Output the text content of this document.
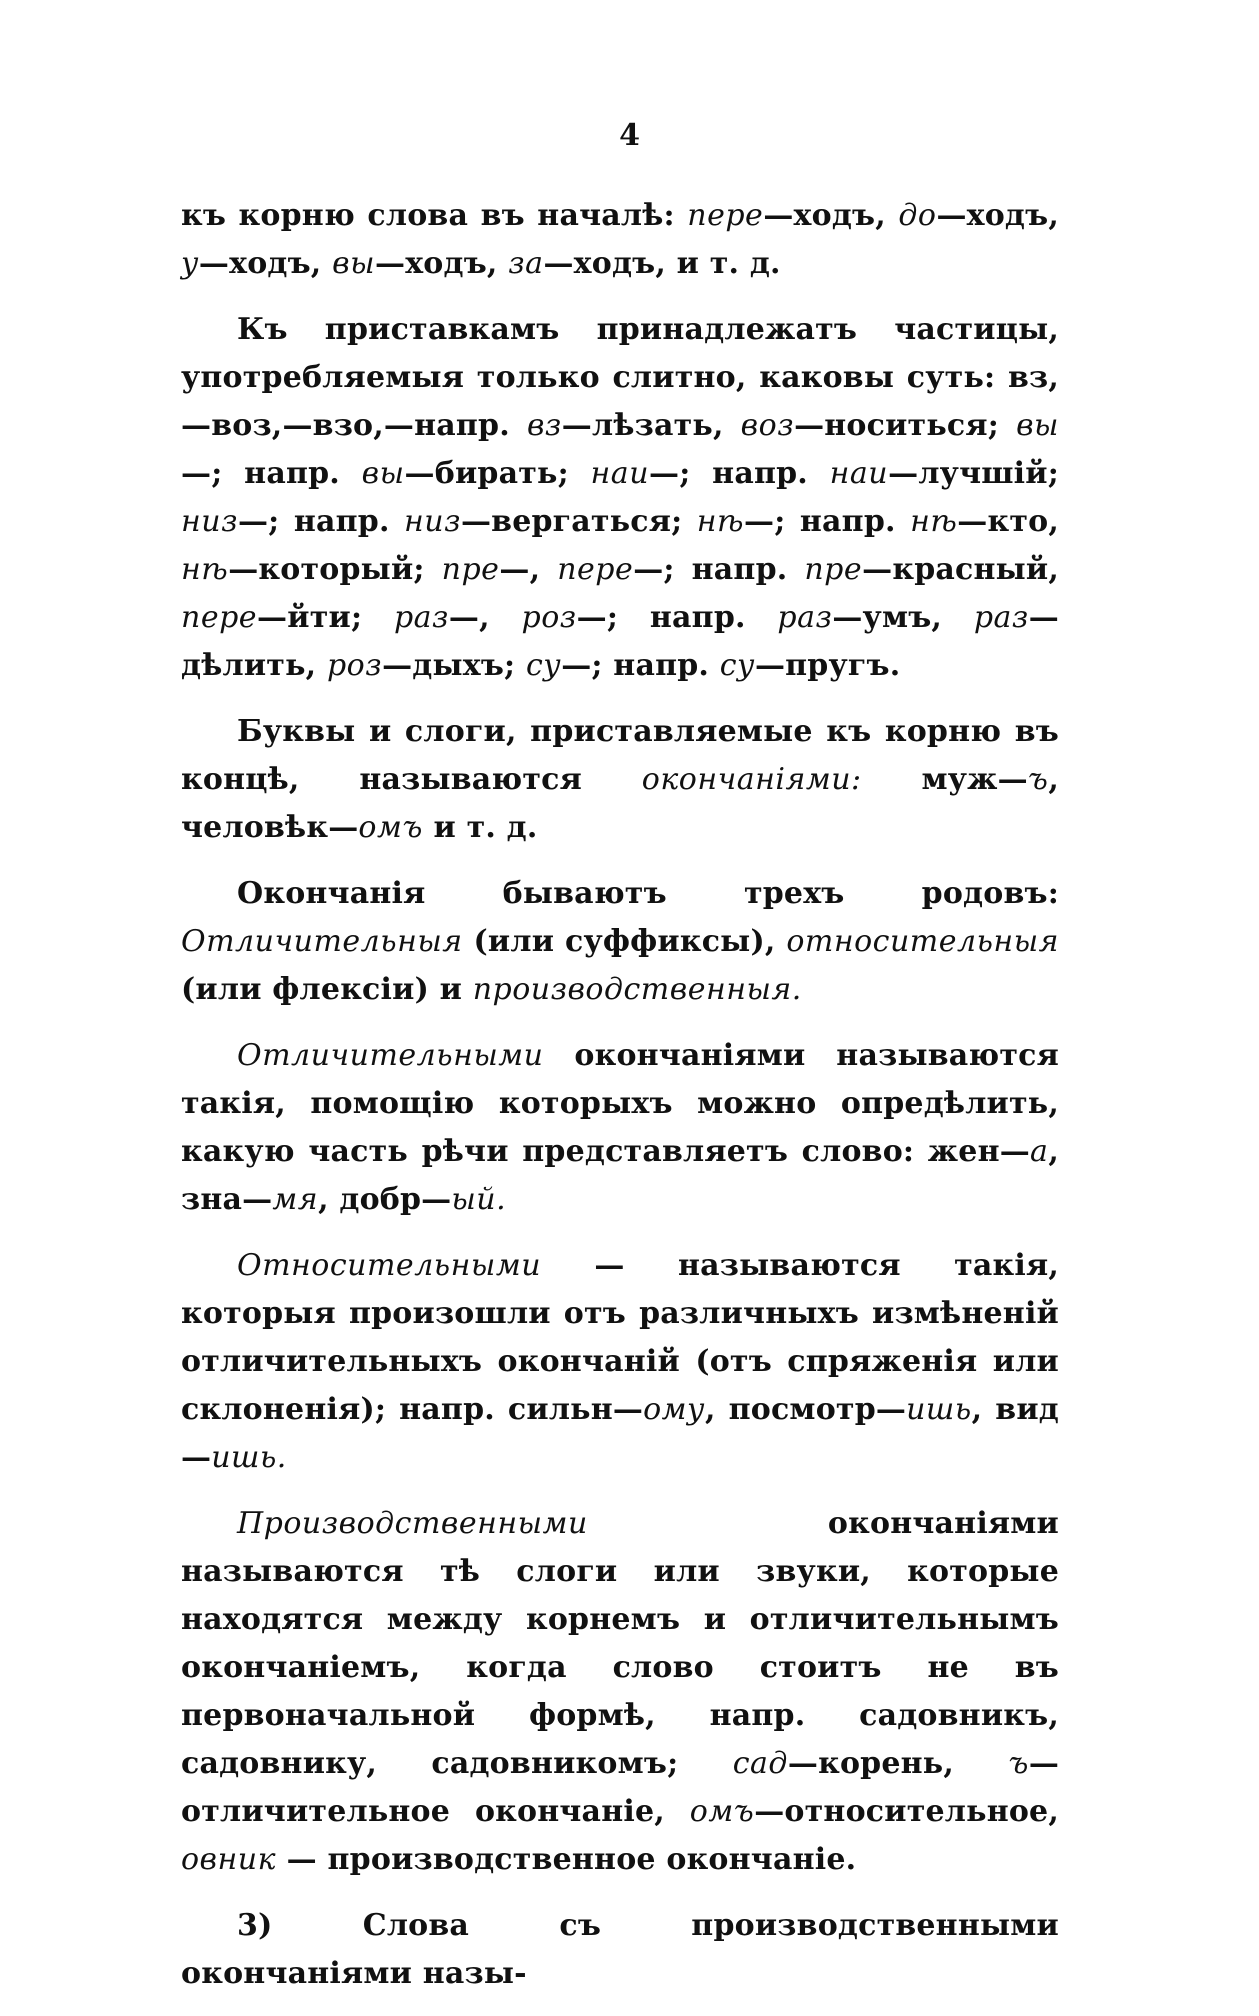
4

къ корню слова въ началѣ: пере—ходъ, до—ходъ, у—ходъ, вы—ходъ, за—ходъ, и т. д.

Къ приставкамъ принадлежатъ частицы, употребляемыя только слитно, каковы суть: вз,—воз,—взо,—напр. вз—лѣзать, воз—носиться; вы—; напр. вы—бирать; наи—; напр. наи—лучшій; низ—; напр. низ—вергаться; нѣ—; напр. нѣ—кто, нѣ—который; пре—, пере—; напр. пре—красный, пере—йти; раз—, роз—; напр. раз—умъ, раз—дѣлить, роз—дыхъ; су—; напр. су—пругъ.

Буквы и слоги, приставляемые къ корню въ концѣ, называются окончаніями: муж—ъ, человѣк—омъ и т. д.

Окончанія бываютъ трехъ родовъ: Отличительныя (или суффиксы), относительныя (или флексіи) и производственныя.

Отличительными окончаніями называются такія, помощію которыхъ можно опредѣлить, какую часть рѣчи представляетъ слово: жен—а, зна—мя, добр—ый.

Относительными — называются такія, которыя произошли отъ различныхъ измѣненій отличительныхъ окончаній (отъ спряженія или склоненія); напр. сильн—ому, посмотр—ишь, вид—ишь.

Производственными окончаніями называются тѣ слоги или звуки, которые находятся между корнемъ и отличительнымъ окончаніемъ, когда слово стоитъ не въ первоначальной формѣ, напр. садовникъ, садовнику, садовникомъ; сад—корень, ъ—отличительное окончаніе, омъ—относительное, овник — производственное окончаніе.

3) Слова съ производственными окончаніями назы-
